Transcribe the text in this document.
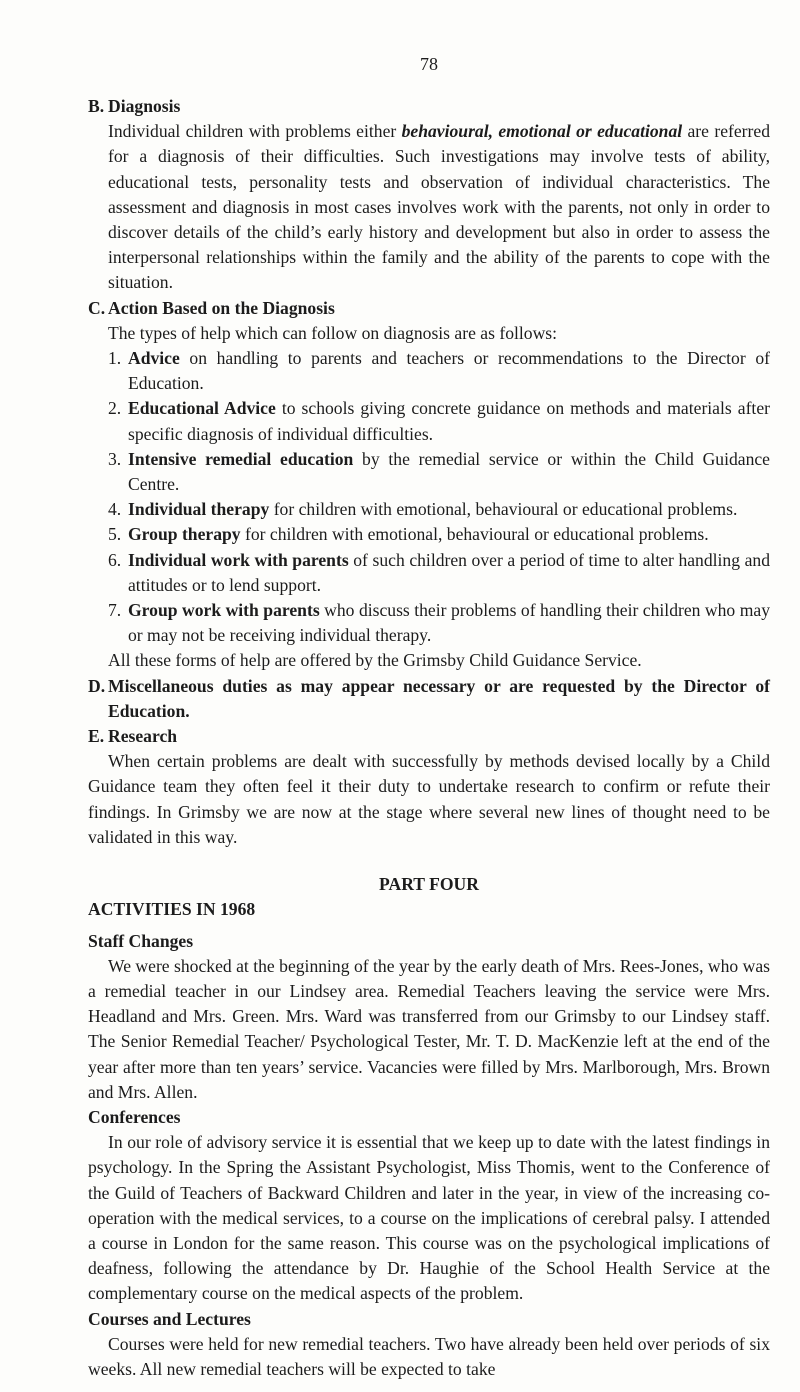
78
B. Diagnosis

Individual children with problems either behavioural, emotional or educational are referred for a diagnosis of their difficulties. Such investigations may involve tests of ability, educational tests, personality tests and observation of individual characteristics. The assessment and diagnosis in most cases involves work with the parents, not only in order to discover details of the child’s early history and development but also in order to assess the interpersonal relationships within the family and the ability of the parents to cope with the situation.

C. Action Based on the Diagnosis

The types of help which can follow on diagnosis are as follows:

1. Advice on handling to parents and teachers or recommendations to the Director of Education.
2. Educational Advice to schools giving concrete guidance on methods and materials after specific diagnosis of individual difficulties.
3. Intensive remedial education by the remedial service or within the Child Guidance Centre.
4. Individual therapy for children with emotional, behavioural or educational problems.
5. Group therapy for children with emotional, behavioural or educational problems.
6. Individual work with parents of such children over a period of time to alter handling and attitudes or to lend support.
7. Group work with parents who discuss their problems of handling their children who may or may not be receiving individual therapy.

All these forms of help are offered by the Grimsby Child Guidance Service.

D. Miscellaneous duties as may appear necessary or are requested by the Director of Education.
E. Research

When certain problems are dealt with successfully by methods devised locally by a Child Guidance team they often feel it their duty to undertake research to confirm or refute their findings. In Grimsby we are now at the stage where several new lines of thought need to be validated in this way.

PART FOUR
ACTIVITIES IN 1968
Staff Changes

We were shocked at the beginning of the year by the early death of Mrs. Rees-Jones, who was a remedial teacher in our Lindsey area. Remedial Teachers leaving the service were Mrs. Headland and Mrs. Green. Mrs. Ward was transferred from our Grimsby to our Lindsey staff. The Senior Remedial Teacher/ Psychological Tester, Mr. T. D. MacKenzie left at the end of the year after more than ten years’ service. Vacancies were filled by Mrs. Marlborough, Mrs. Brown and Mrs. Allen.

Conferences

In our role of advisory service it is essential that we keep up to date with the latest findings in psychology. In the Spring the Assistant Psychologist, Miss Thomis, went to the Conference of the Guild of Teachers of Backward Children and later in the year, in view of the increasing co-operation with the medical services, to a course on the implications of cerebral palsy. I attended a course in London for the same reason. This course was on the psychological implications of deafness, following the attendance by Dr. Haughie of the School Health Service at the complementary course on the medical aspects of the problem.

Courses and Lectures

Courses were held for new remedial teachers. Two have already been held over periods of six weeks. All new remedial teachers will be expected to take
